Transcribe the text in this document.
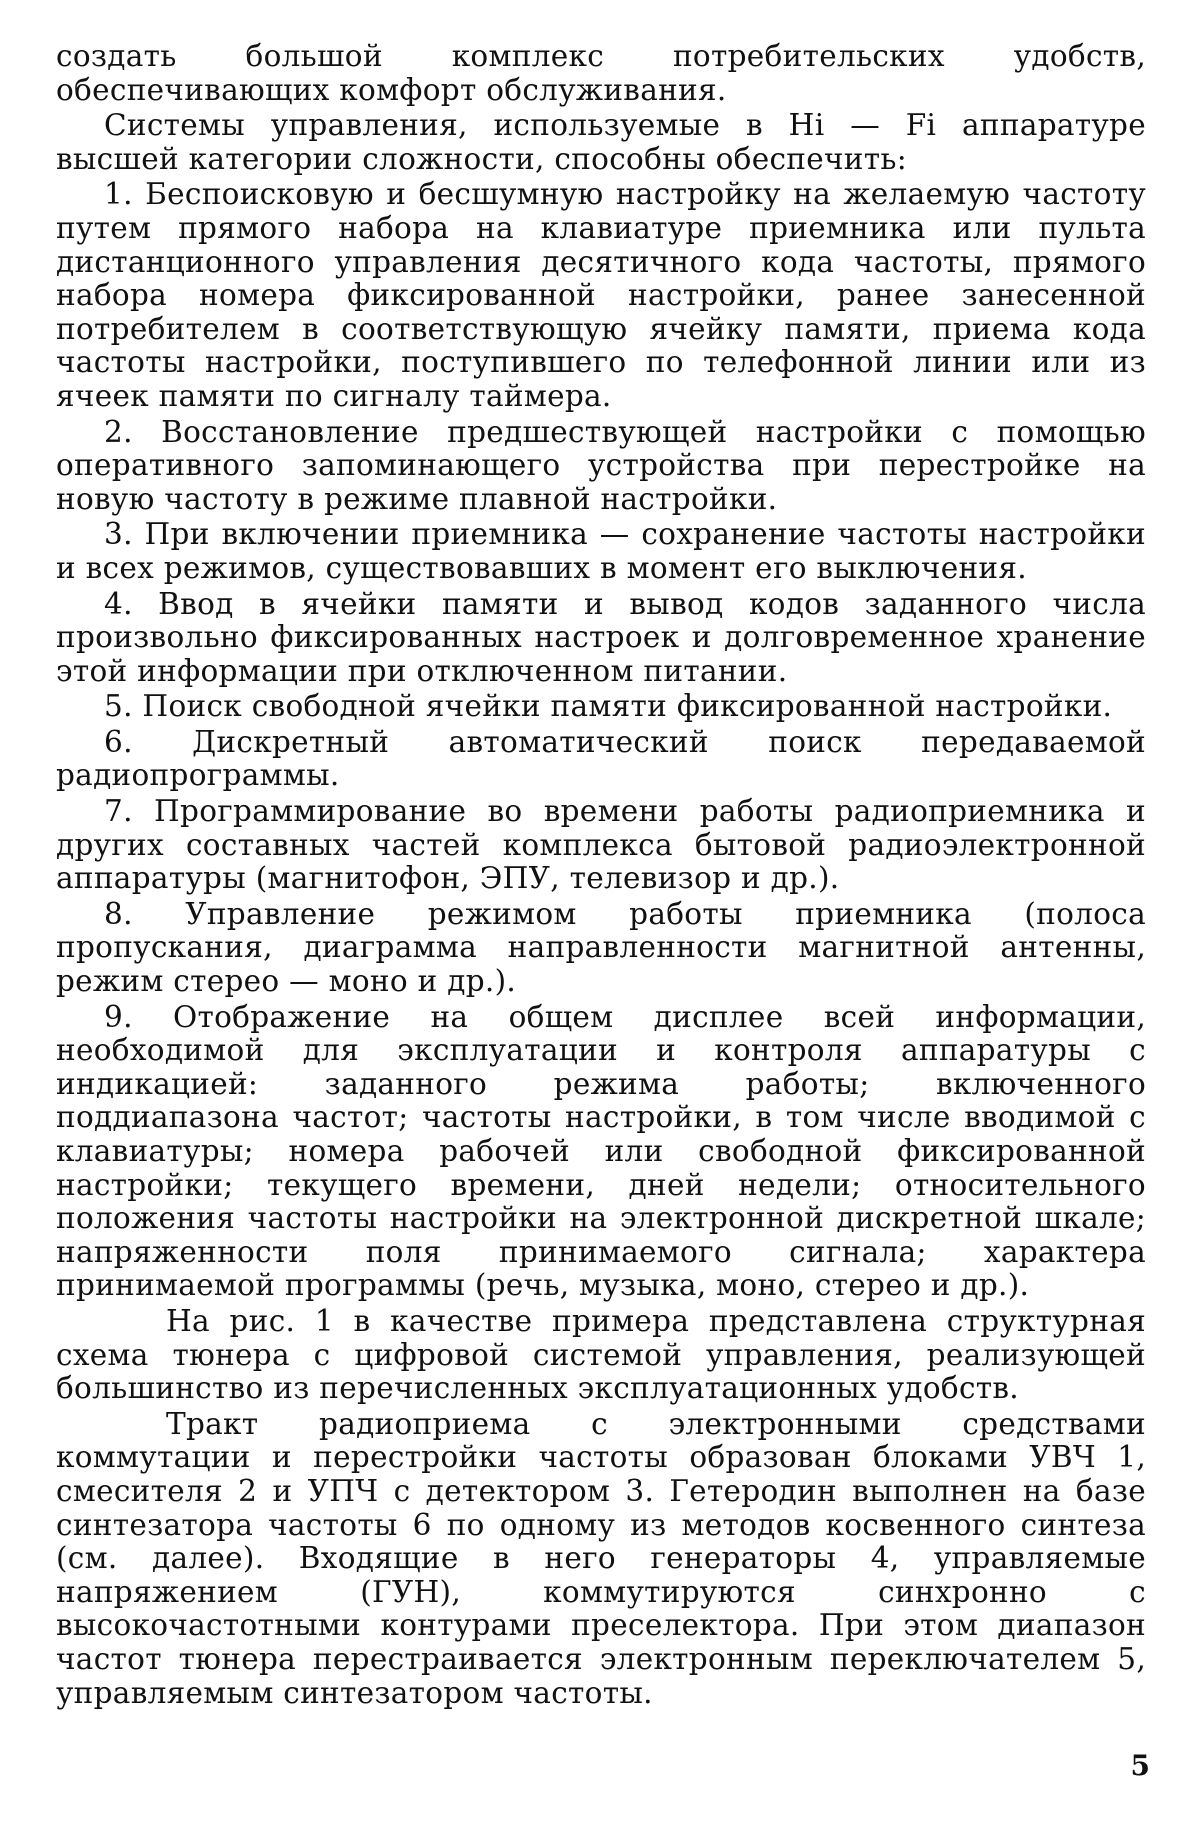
создать большой комплекс потребительских удобств, обеспечивающих комфорт обслуживания.

Системы управления, используемые в Hi — Fi аппаратуре высшей категории сложности, способны обеспечить:

1. Беспоисковую и бесшумную настройку на желаемую частоту путем прямого набора на клавиатуре приемника или пульта дистанционного управления десятичного кода частоты, прямого набора номера фиксированной настройки, ранее занесенной потребителем в соответствующую ячейку памяти, приема кода частоты настройки, поступившего по телефонной линии или из ячеек памяти по сигналу таймера.

2. Восстановление предшествующей настройки с помощью оперативного запоминающего устройства при перестройке на новую частоту в режиме плавной настройки.

3. При включении приемника — сохранение частоты настройки и всех режимов, существовавших в момент его выключения.

4. Ввод в ячейки памяти и вывод кодов заданного числа произвольно фиксированных настроек и долговременное хранение этой информации при отключенном питании.

5. Поиск свободной ячейки памяти фиксированной настройки.

6. Дискретный автоматический поиск передаваемой радиопрограммы.

7. Программирование во времени работы радиоприемника и других составных частей комплекса бытовой радиоэлектронной аппаратуры (магнитофон, ЭПУ, телевизор и др.).

8. Управление режимом работы приемника (полоса пропускания, диаграмма направленности магнитной антенны, режим стерео — моно и др.).

9. Отображение на общем дисплее всей информации, необходимой для эксплуатации и контроля аппаратуры с индикацией: заданного режима работы; включенного поддиапазона частот; частоты настройки, в том числе вводимой с клавиатуры; номера рабочей или свободной фиксированной настройки; текущего времени, дней недели; относительного положения частоты настройки на электронной дискретной шкале; напряженности поля принимаемого сигнала; характера принимаемой программы (речь, музыка, моно, стерео и др.).

На рис. 1 в качестве примера представлена структурная схема тюнера с цифровой системой управления, реализующей большинство из перечисленных эксплуатационных удобств.

Тракт радиоприема с электронными средствами коммутации и перестройки частоты образован блоками УВЧ 1, смесителя 2 и УПЧ с детектором 3. Гетеродин выполнен на базе синтезатора частоты 6 по одному из методов косвенного синтеза (см. далее). Входящие в него генераторы 4, управляемые напряжением (ГУН), коммутируются синхронно с высокочастотными контурами преселектора. При этом диапазон частот тюнера перестраивается электронным переключателем 5, управляемым синтезатором частоты.

5
